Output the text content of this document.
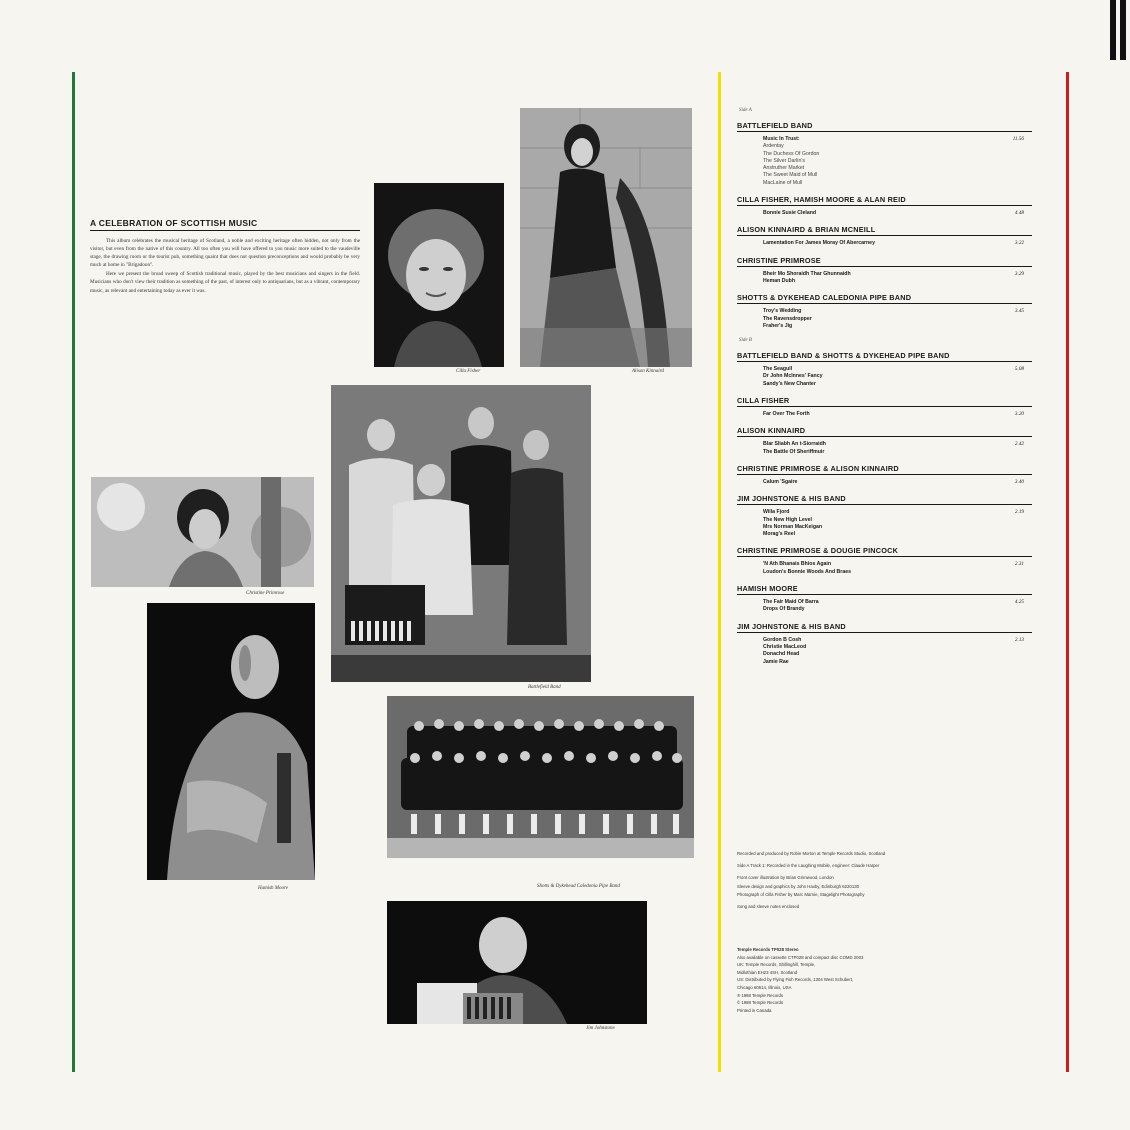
A CELEBRATION OF SCOTTISH MUSIC

This album celebrates the musical heritage of Scotland, a noble and exciting heritage often hidden, not only from the visitor, but even from the native of this country. All too often you will have offered to you music more suited to the vaudeville stage, the drawing room or the tourist pub, something quaint that does not question preconceptions and would probably be very much at home in "Brigadoon".

Here we present the broad sweep of Scottish traditional music, played by the best musicians and singers in the field. Musicians who don't view their tradition as something of the past, of interest only to antiquarians, but as a vibrant, contemporary music, as relevant and entertaining today as ever it was.

Cilla Fisher	Alison Kinnaird
Battlefield Band
Christine Primrose
Hamish Moore	Shotts & Dykehead Caledonia Pipe Band
Jim Johnstone
Side A
BATTLEFIELD BAND
Music In Trust:
Ardentay
The Duchess Of Gordon
The Silver Darlin's
Anstruther Market
The Sweet Maid of Mull
MacLaine of Mull
11.56
CILLA FISHER, HAMISH MOORE & ALAN REID
Bonnie Susie Cleland	4.48
ALISON KINNAIRD & BRIAN MCNEILL
Lamentation For James Moray Of Abercarney	3.22
CHRISTINE PRIMROSE
Bheir Mo Shoraidh Thar Ghunnaidh
Heman Dubh
3.29
SHOTTS & DYKEHEAD CALEDONIA PIPE BAND
Troy's Wedding
The Ravensdropper
Fraher's Jig
3.45
Side B
BATTLEFIELD BAND & SHOTTS & DYKEHEAD PIPE BAND
The Seagull
Dr John McInnes' Fancy
Sandy's New Chanter
5.08
CILLA FISHER
Far Over The Forth	3.20
ALISON KINNAIRD
Blar Sliabh An t-Siorraidh
The Battle Of Sheriffmuir
2.42
CHRISTINE PRIMROSE & ALISON KINNAIRD
Calum 'Sgaire	3.40
JIM JOHNSTONE & HIS BAND
Willa Fjord
The New High Level
Mrs Norman MacKeigan
Morag's Reel
2.19
CHRISTINE PRIMROSE & DOUGIE PINCOCK
'N Ath Bhanais Bhios Again
Loudon's Bonnie Woods And Braes
2.31
HAMISH MOORE
The Fair Maid Of Barra
Drops Of Brandy
4.25
JIM JOHNSTONE & HIS BAND
Gordon B Cosh
Christie MacLeod
Donachd Head
Jamie Rae
2.13

Recorded and produced by Robin Morton at Temple Records Studio, Scotland

Side A Track 1: Recorded in the Laughing Mobile, engineer: Claude Harper

Front cover illustration by Brian Grimwood, London
Sleeve design and graphics by John Haxby, Edinburgh 6220130
Photograph of Cilla Fisher by Marc Marnie, Stagelight Photography

Song and sleeve notes enclosed

Temple Records TP028 Stereo

Also available on cassette CTP028 and compact disc COMD 2003

UK: Temple Records, Shillinghill, Temple,

Midlothian EH23 4SH, Scotland

US: Distributed by Flying Fish Records, 1304 West Schubert,

Chicago 60614, Illinois, USA

℗ 1988 Temple Records

© 1988 Temple Records

Printed in Canada
